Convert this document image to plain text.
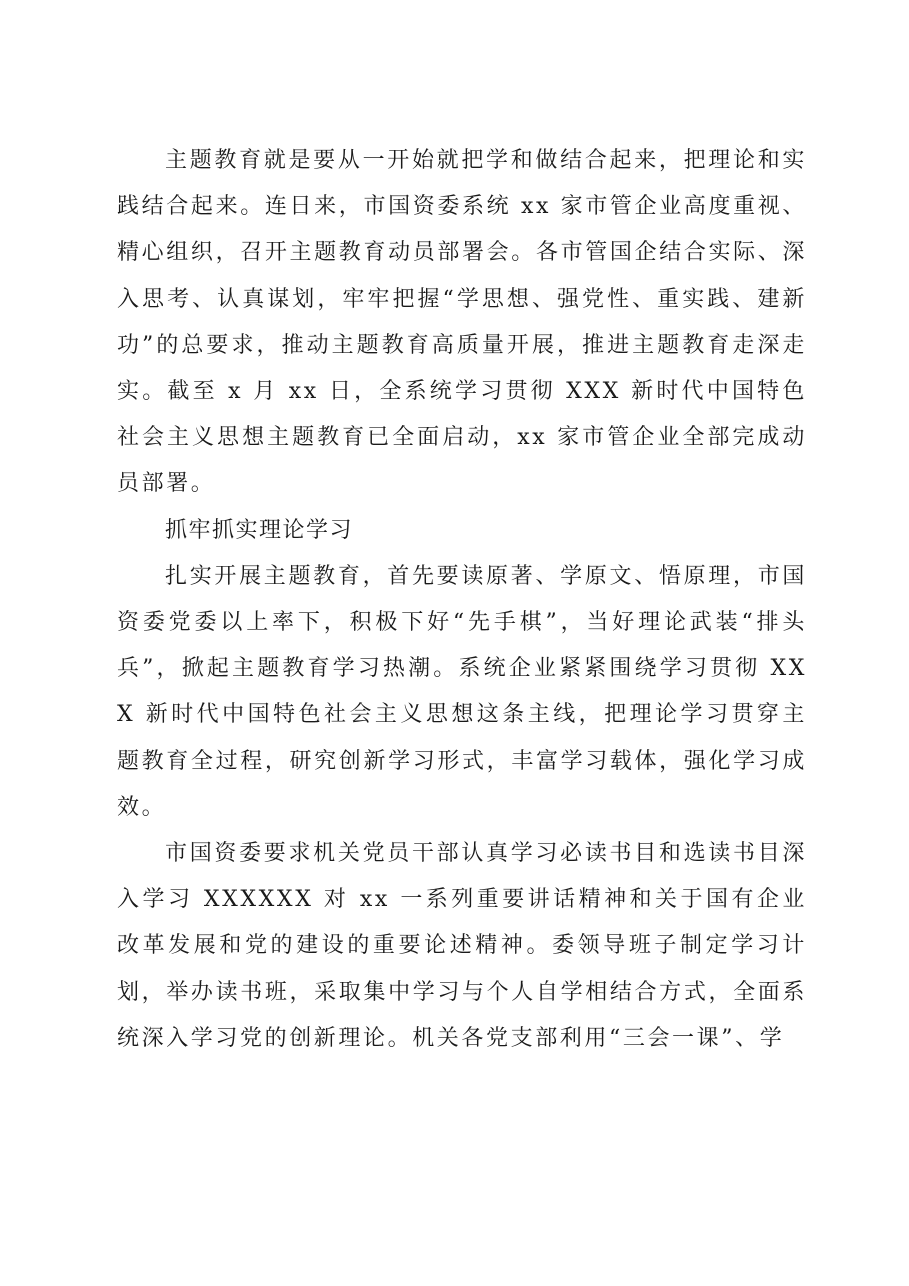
主题教育就是要从一开始就把学和做结合起来，把理论和实践结合起来。连日来，市国资委系统 xx 家市管企业高度重视、精心组织，召开主题教育动员部署会。各市管国企结合实际、深入思考、认真谋划，牢牢把握“学思想、强党性、重实践、建新功”的总要求，推动主题教育高质量开展，推进主题教育走深走实。截至 x 月 xx 日，全系统学习贯彻 XXX 新时代中国特色社会主义思想主题教育已全面启动，xx 家市管企业全部完成动员部署。

抓牢抓实理论学习

扎实开展主题教育，首先要读原著、学原文、悟原理，市国资委党委以上率下，积极下好“先手棋”，当好理论武装“排头兵”，掀起主题教育学习热潮。系统企业紧紧围绕学习贯彻 XXX 新时代中国特色社会主义思想这条主线，把理论学习贯穿主题教育全过程，研究创新学习形式，丰富学习载体，强化学习成效。

市国资委要求机关党员干部认真学习必读书目和选读书目深入学习 XXXXXX 对 xx 一系列重要讲话精神和关于国有企业改革发展和党的建设的重要论述精神。委领导班子制定学习计划，举办读书班，采取集中学习与个人自学相结合方式，全面系统深入学习党的创新理论。机关各党支部利用“三会一课”、学
